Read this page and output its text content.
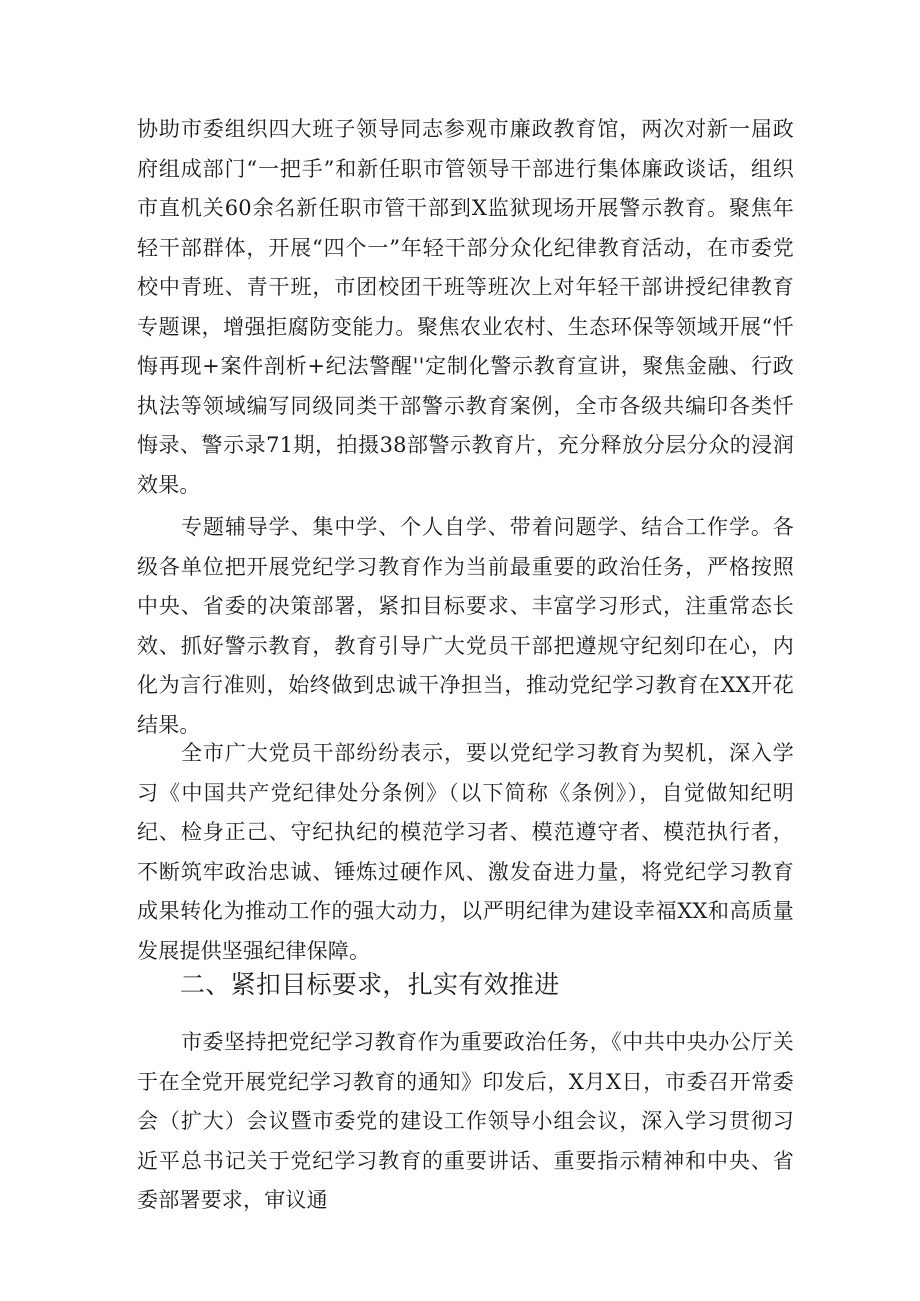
协助市委组织四大班子领导同志参观市廉政教育馆，两次对新一届政府组成部门“一把手”和新任职市管领导干部进行集体廉政谈话，组织市直机关60余名新任职市管干部到X监狱现场开展警示教育。聚焦年轻干部群体，开展“四个一”年轻干部分众化纪律教育活动，在市委党校中青班、青干班，市团校团干班等班次上对年轻干部讲授纪律教育专题课，增强拒腐防变能力。聚焦农业农村、生态环保等领域开展“忏悔再现+案件剖析+纪法警醒''定制化警示教育宣讲，聚焦金融、行政执法等领域编写同级同类干部警示教育案例，全市各级共编印各类忏悔录、警示录71期，拍摄38部警示教育片，充分释放分层分众的浸润效果。

专题辅导学、集中学、个人自学、带着问题学、结合工作学。各级各单位把开展党纪学习教育作为当前最重要的政治任务，严格按照中央、省委的决策部署，紧扣目标要求、丰富学习形式，注重常态长效、抓好警示教育，教育引导广大党员干部把遵规守纪刻印在心，内化为言行准则，始终做到忠诚干净担当，推动党纪学习教育在XX开花结果。

全市广大党员干部纷纷表示，要以党纪学习教育为契机，深入学习《中国共产党纪律处分条例》（以下简称《条例》），自觉做知纪明纪、检身正己、守纪执纪的模范学习者、模范遵守者、模范执行者，不断筑牢政治忠诚、锤炼过硬作风、激发奋进力量，将党纪学习教育成果转化为推动工作的强大动力，以严明纪律为建设幸福XX和高质量发展提供坚强纪律保障。

二、紧扣目标要求，扎实有效推进

市委坚持把党纪学习教育作为重要政治任务，《中共中央办公厅关于在全党开展党纪学习教育的通知》印发后，X月X日，市委召开常委会（扩大）会议暨市委党的建设工作领导小组会议，深入学习贯彻习近平总书记关于党纪学习教育的重要讲话、重要指示精神和中央、省委部署要求，审议通
